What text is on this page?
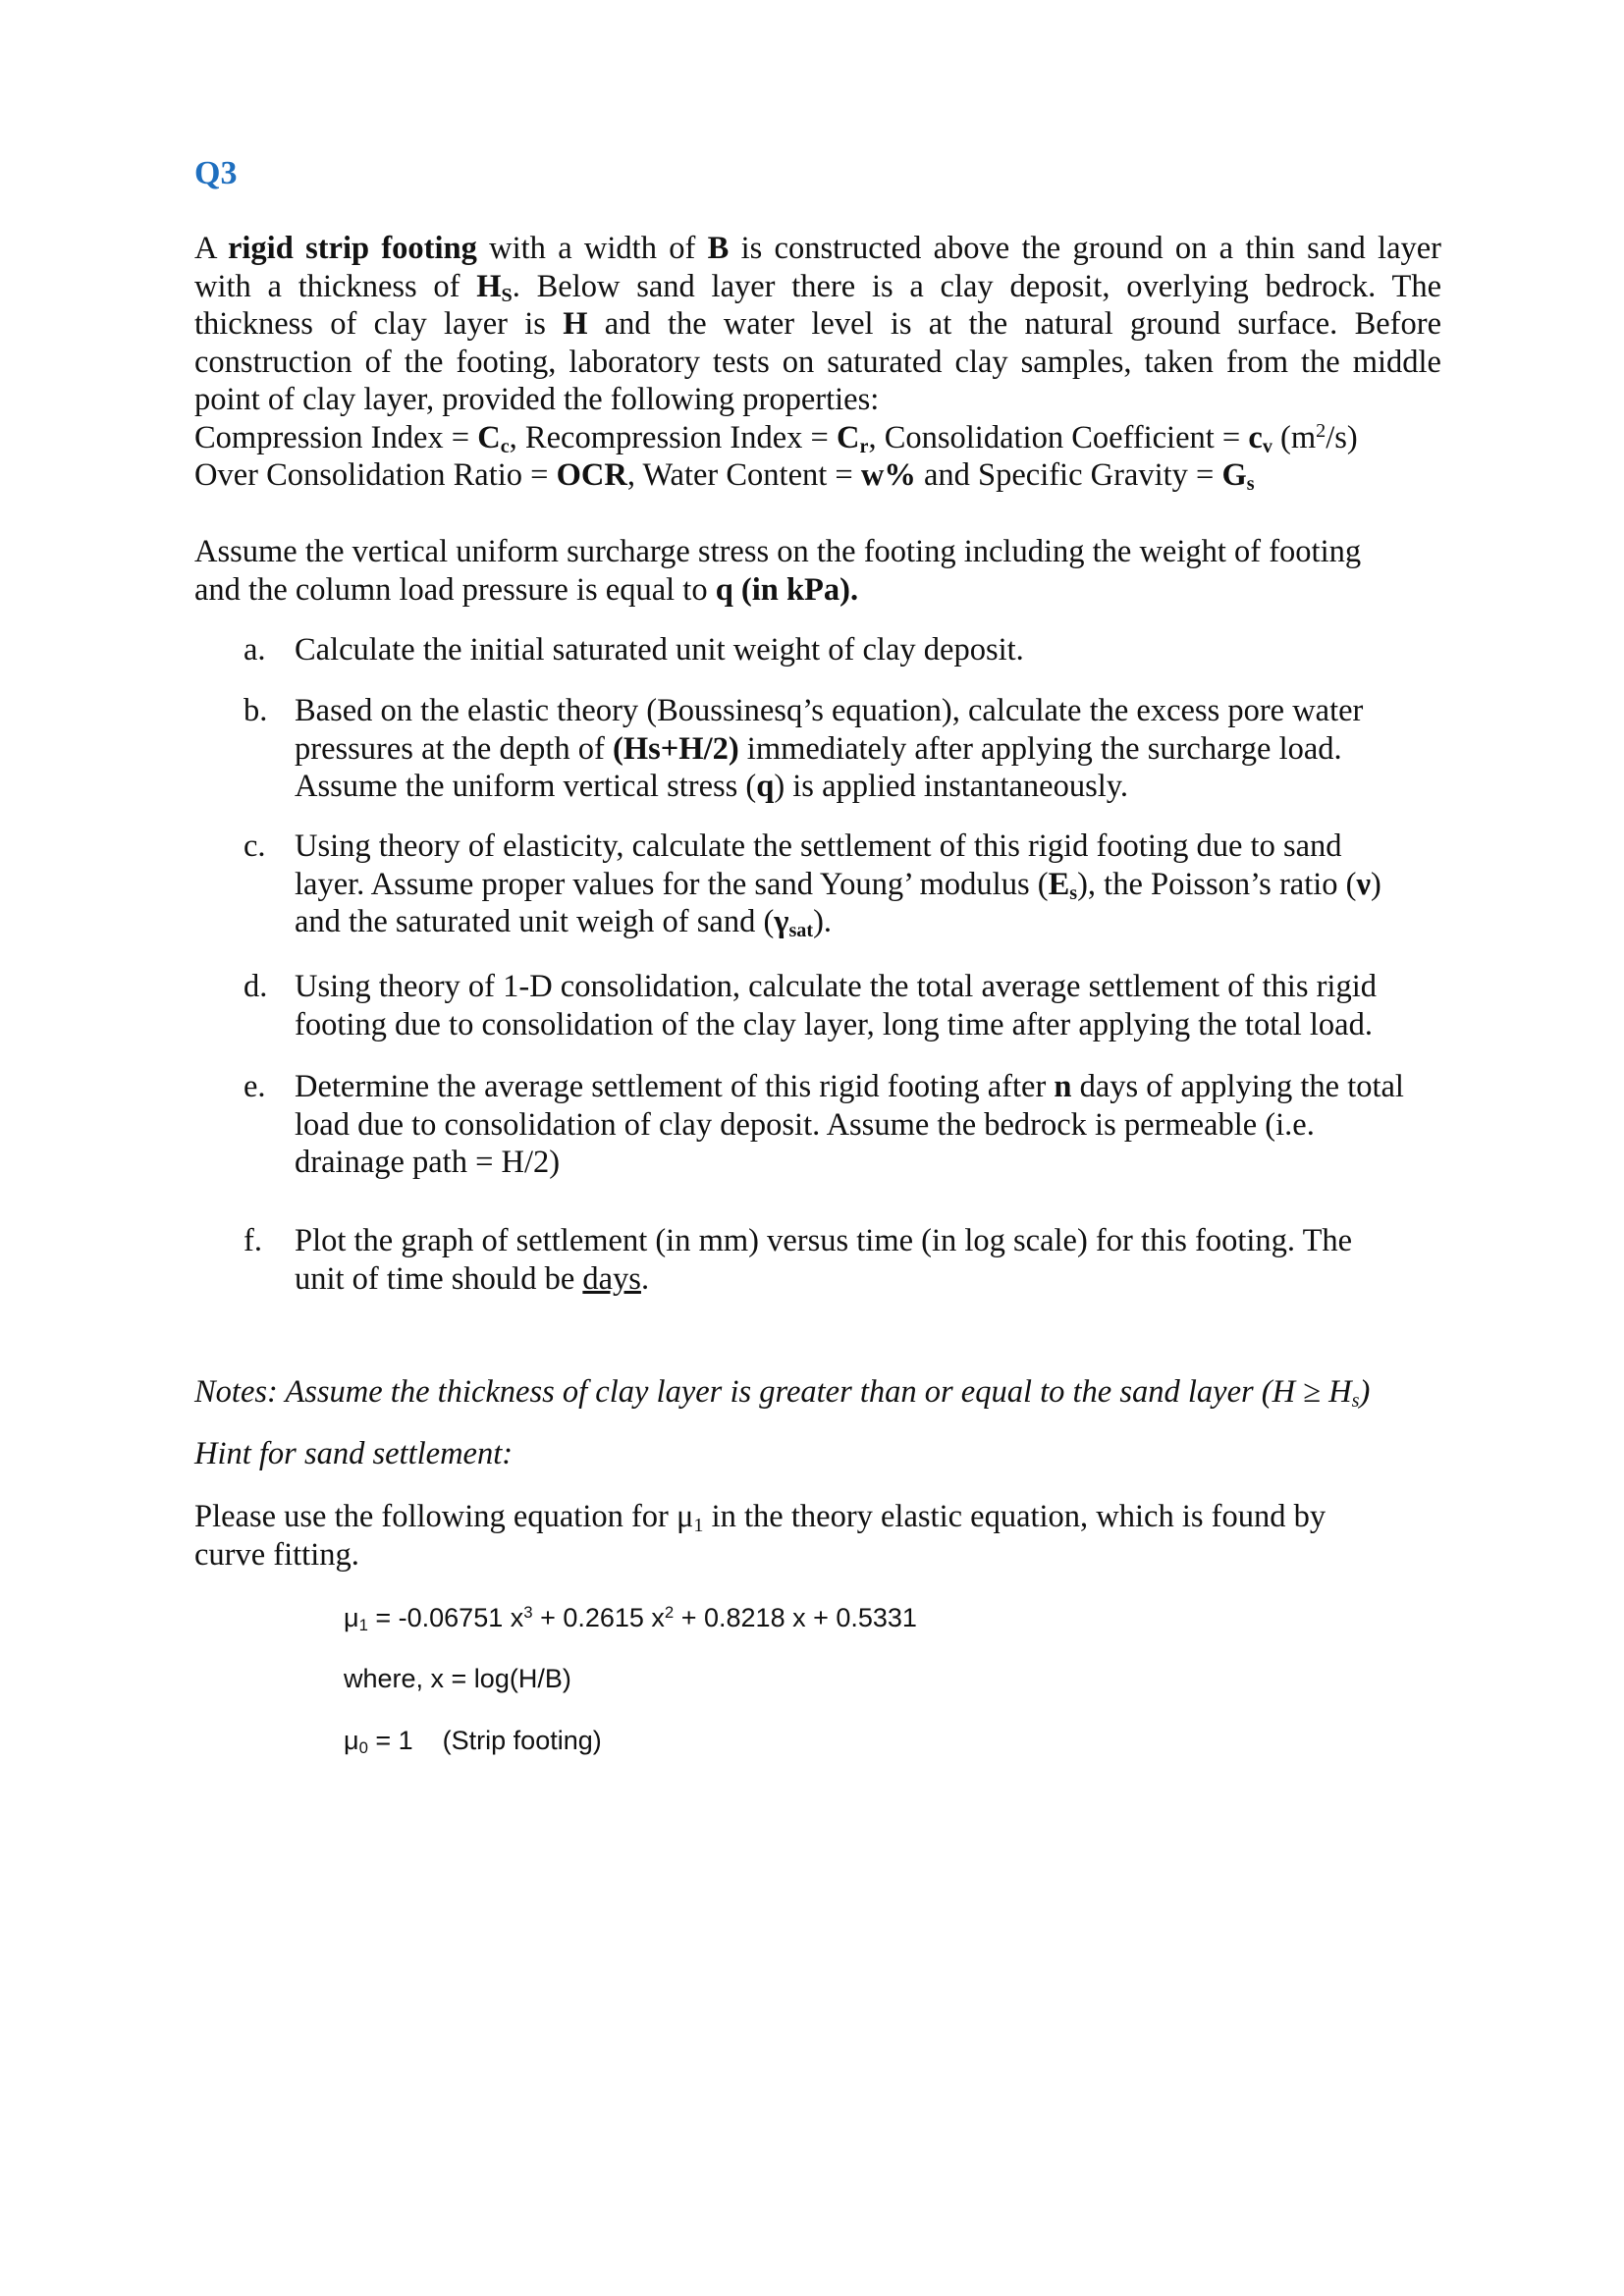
Q3
A rigid strip footing with a width of B is constructed above the ground on a thin sand layer
with a thickness of $H_S$. Below sand layer there is a clay deposit, overlying bedrock. The
thickness of clay layer is H and the water level is at the natural ground surface. Before
construction of the footing, laboratory tests on saturated clay samples, taken from the middle
point of clay layer, provided the following properties:
Compression Index = $C_c$, Recompression Index = $C_r$, Consolidation Coefficient = $c_v$ $(m^2/s)$
Over Consolidation Ratio = OCR, Water Content = w% and Specific Gravity = $G_s$
Assume the vertical uniform surcharge stress on the footing including the weight of footing
and the column load pressure is equal to q (in kPa).
a. Calculate the initial saturated unit weight of clay deposit.
b. Based on the elastic theory (Boussinesq’s equation), calculate the excess pore water
pressures at the depth of (Hs+H/2) immediately after applying the surcharge load.
Assume the uniform vertical stress (q) is applied instantaneously.
c. Using theory of elasticity, calculate the settlement of this rigid footing due to sand
layer. Assume proper values for the sand Young’ modulus $(E_s)$, the Poisson’s ratio (ν)
and the saturated unit weigh of sand $(\gamma_{sat})$.
d. Using theory of 1-D consolidation, calculate the total average settlement of this rigid
footing due to consolidation of the clay layer, long time after applying the total load.
e. Determine the average settlement of this rigid footing after n days of applying the total
load due to consolidation of clay deposit. Assume the bedrock is permeable (i.e.
drainage path = H/2)
f.	Plot the graph of settlement (in mm) versus time (in log scale) for this footing. The
unit of time should be days.
Notes: Assume the thickness of clay layer is greater than or equal to the sand layer $(H \ge H_s)$
Hint for sand settlement:
Please use the following equation for $\mu_1$ in the theory elastic equation, which is found by
curve fitting.
$\mu_1 = -0.06751$ $x^3 + 0.2615$ $x^2 + 0.8218$ x + 0.5331
where, x = log(H/B)
$\mu_0 = 1$    (Strip footing)
